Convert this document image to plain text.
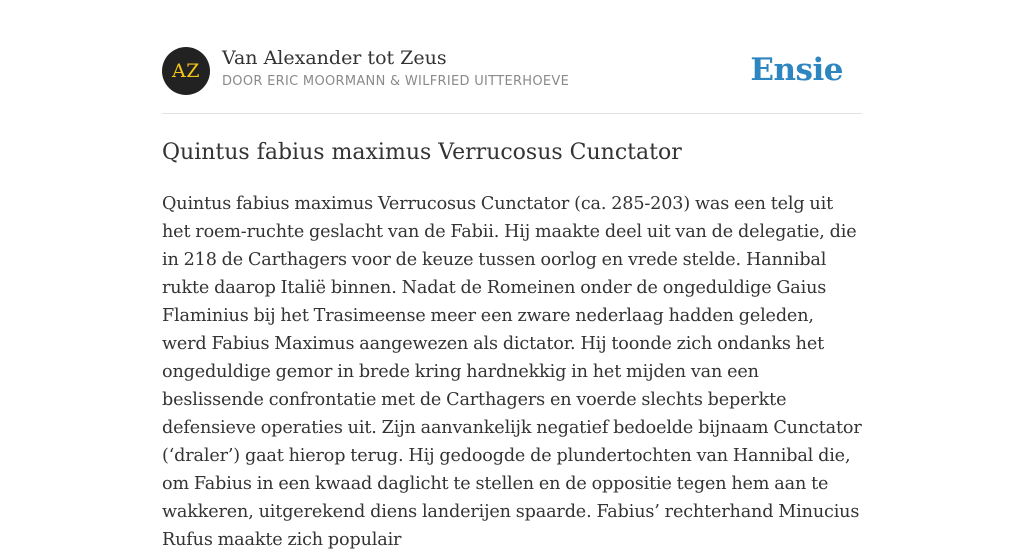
AZ
Van Alexander tot Zeus
DOOR ERIC MOORMANN & WILFRIED UITTERHOEVE	Ensie
Quintus fabius maximus Verrucosus Cunctator

Quintus fabius maximus Verrucosus Cunctator (ca. 285-203) was een telg uit het roem-ruchte geslacht van de Fabii. Hij maakte deel uit van de delegatie, die in 218 de Carthagers voor de keuze tussen oorlog en vrede stelde. Hannibal rukte daarop Italië binnen. Nadat de Romeinen onder de ongeduldige Gaius Flaminius bij het Trasimeense meer een zware nederlaag hadden geleden, werd Fabius Maximus aangewezen als dictator. Hij toonde zich ondanks het ongeduldige gemor in brede kring hardnekkig in het mijden van een beslissende confrontatie met de Carthagers en voerde slechts beperkte defensieve operaties uit. Zijn aanvankelijk negatief bedoelde bijnaam Cunctator (‘draler’) gaat hierop terug. Hij gedoogde de plundertochten van Hannibal die, om Fabius in een kwaad daglicht te stellen en de oppositie tegen hem aan te wakkeren, uitgerekend diens landerijen spaarde. Fabius’ rechterhand Minucius Rufus maakte zich populair
